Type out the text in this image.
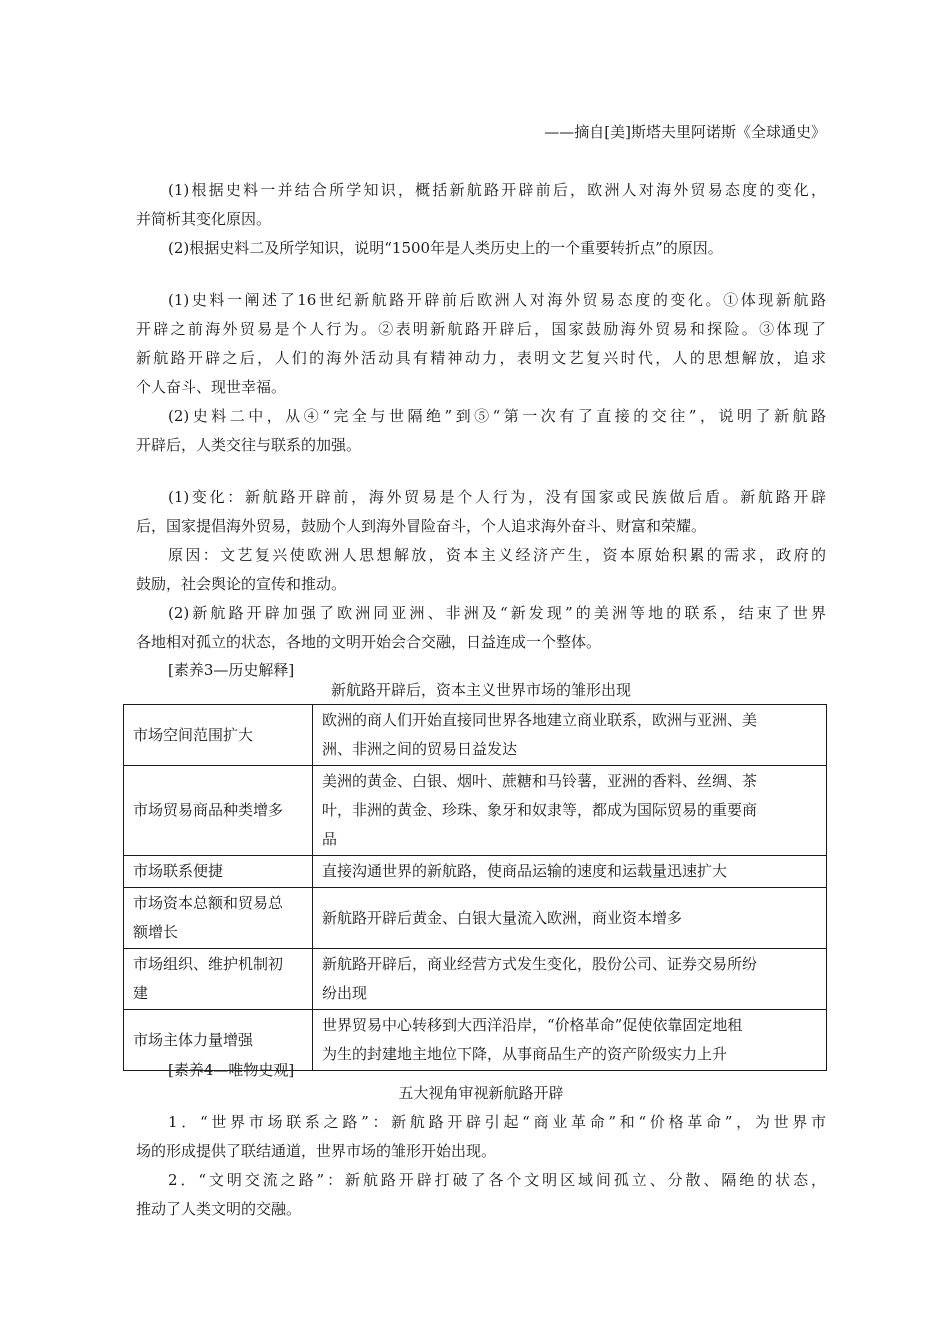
——摘自[美]斯塔夫里阿诺斯《全球通史》
(1)根据史料一并结合所学知识，概括新航路开辟前后，欧洲人对海外贸易态度的变化，
并简析其变化原因。
(2)根据史料二及所学知识，说明“1500年是人类历史上的一个重要转折点”的原因。
(1)史料一阐述了16世纪新航路开辟前后欧洲人对海外贸易态度的变化。①体现新航路
开辟之前海外贸易是个人行为。②表明新航路开辟后，国家鼓励海外贸易和探险。③体现了
新航路开辟之后，人们的海外活动具有精神动力，表明文艺复兴时代，人的思想解放，追求
个人奋斗、现世幸福。
(2)史料二中，从④“完全与世隔绝”到⑤“第一次有了直接的交往”，说明了新航路
开辟后，人类交往与联系的加强。
(1)变化：新航路开辟前，海外贸易是个人行为，没有国家或民族做后盾。新航路开辟
后，国家提倡海外贸易，鼓励个人到海外冒险奋斗，个人追求海外奋斗、财富和荣耀。
原因：文艺复兴使欧洲人思想解放，资本主义经济产生，资本原始积累的需求，政府的
鼓励，社会舆论的宣传和推动。
(2)新航路开辟加强了欧洲同亚洲、非洲及“新发现”的美洲等地的联系，结束了世界
各地相对孤立的状态，各地的文明开始会合交融，日益连成一个整体。
[素养3—历史解释]
新航路开辟后，资本主义世界市场的雏形出现
市场空间范围扩大	欧洲的商人们开始直接同世界各地建立商业联系，欧洲与亚洲、美
洲、非洲之间的贸易日益发达

市场贸易商品种类增多	美洲的黄金、白银、烟叶、蔗糖和马铃薯，亚洲的香料、丝绸、茶
叶，非洲的黄金、珍珠、象牙和奴隶等，都成为国际贸易的重要商
品

市场联系便捷	直接沟通世界的新航路，使商品运输的速度和运载量迅速扩大

市场资本总额和贸易总
额增长	新航路开辟后黄金、白银大量流入欧洲，商业资本增多

市场组织、维护机制初
建	新航路开辟后，商业经营方式发生变化，股份公司、证券交易所纷
纷出现

市场主体力量增强	世界贸易中心转移到大西洋沿岸，“价格革命”促使依靠固定地租
为生的封建地主地位下降，从事商品生产的资产阶级实力上升
[素养4—唯物史观]
五大视角审视新航路开辟
1．“世界市场联系之路”：新航路开辟引起“商业革命”和“价格革命”，为世界市
场的形成提供了联结通道，世界市场的雏形开始出现。
2．“文明交流之路”：新航路开辟打破了各个文明区域间孤立、分散、隔绝的状态，
推动了人类文明的交融。
